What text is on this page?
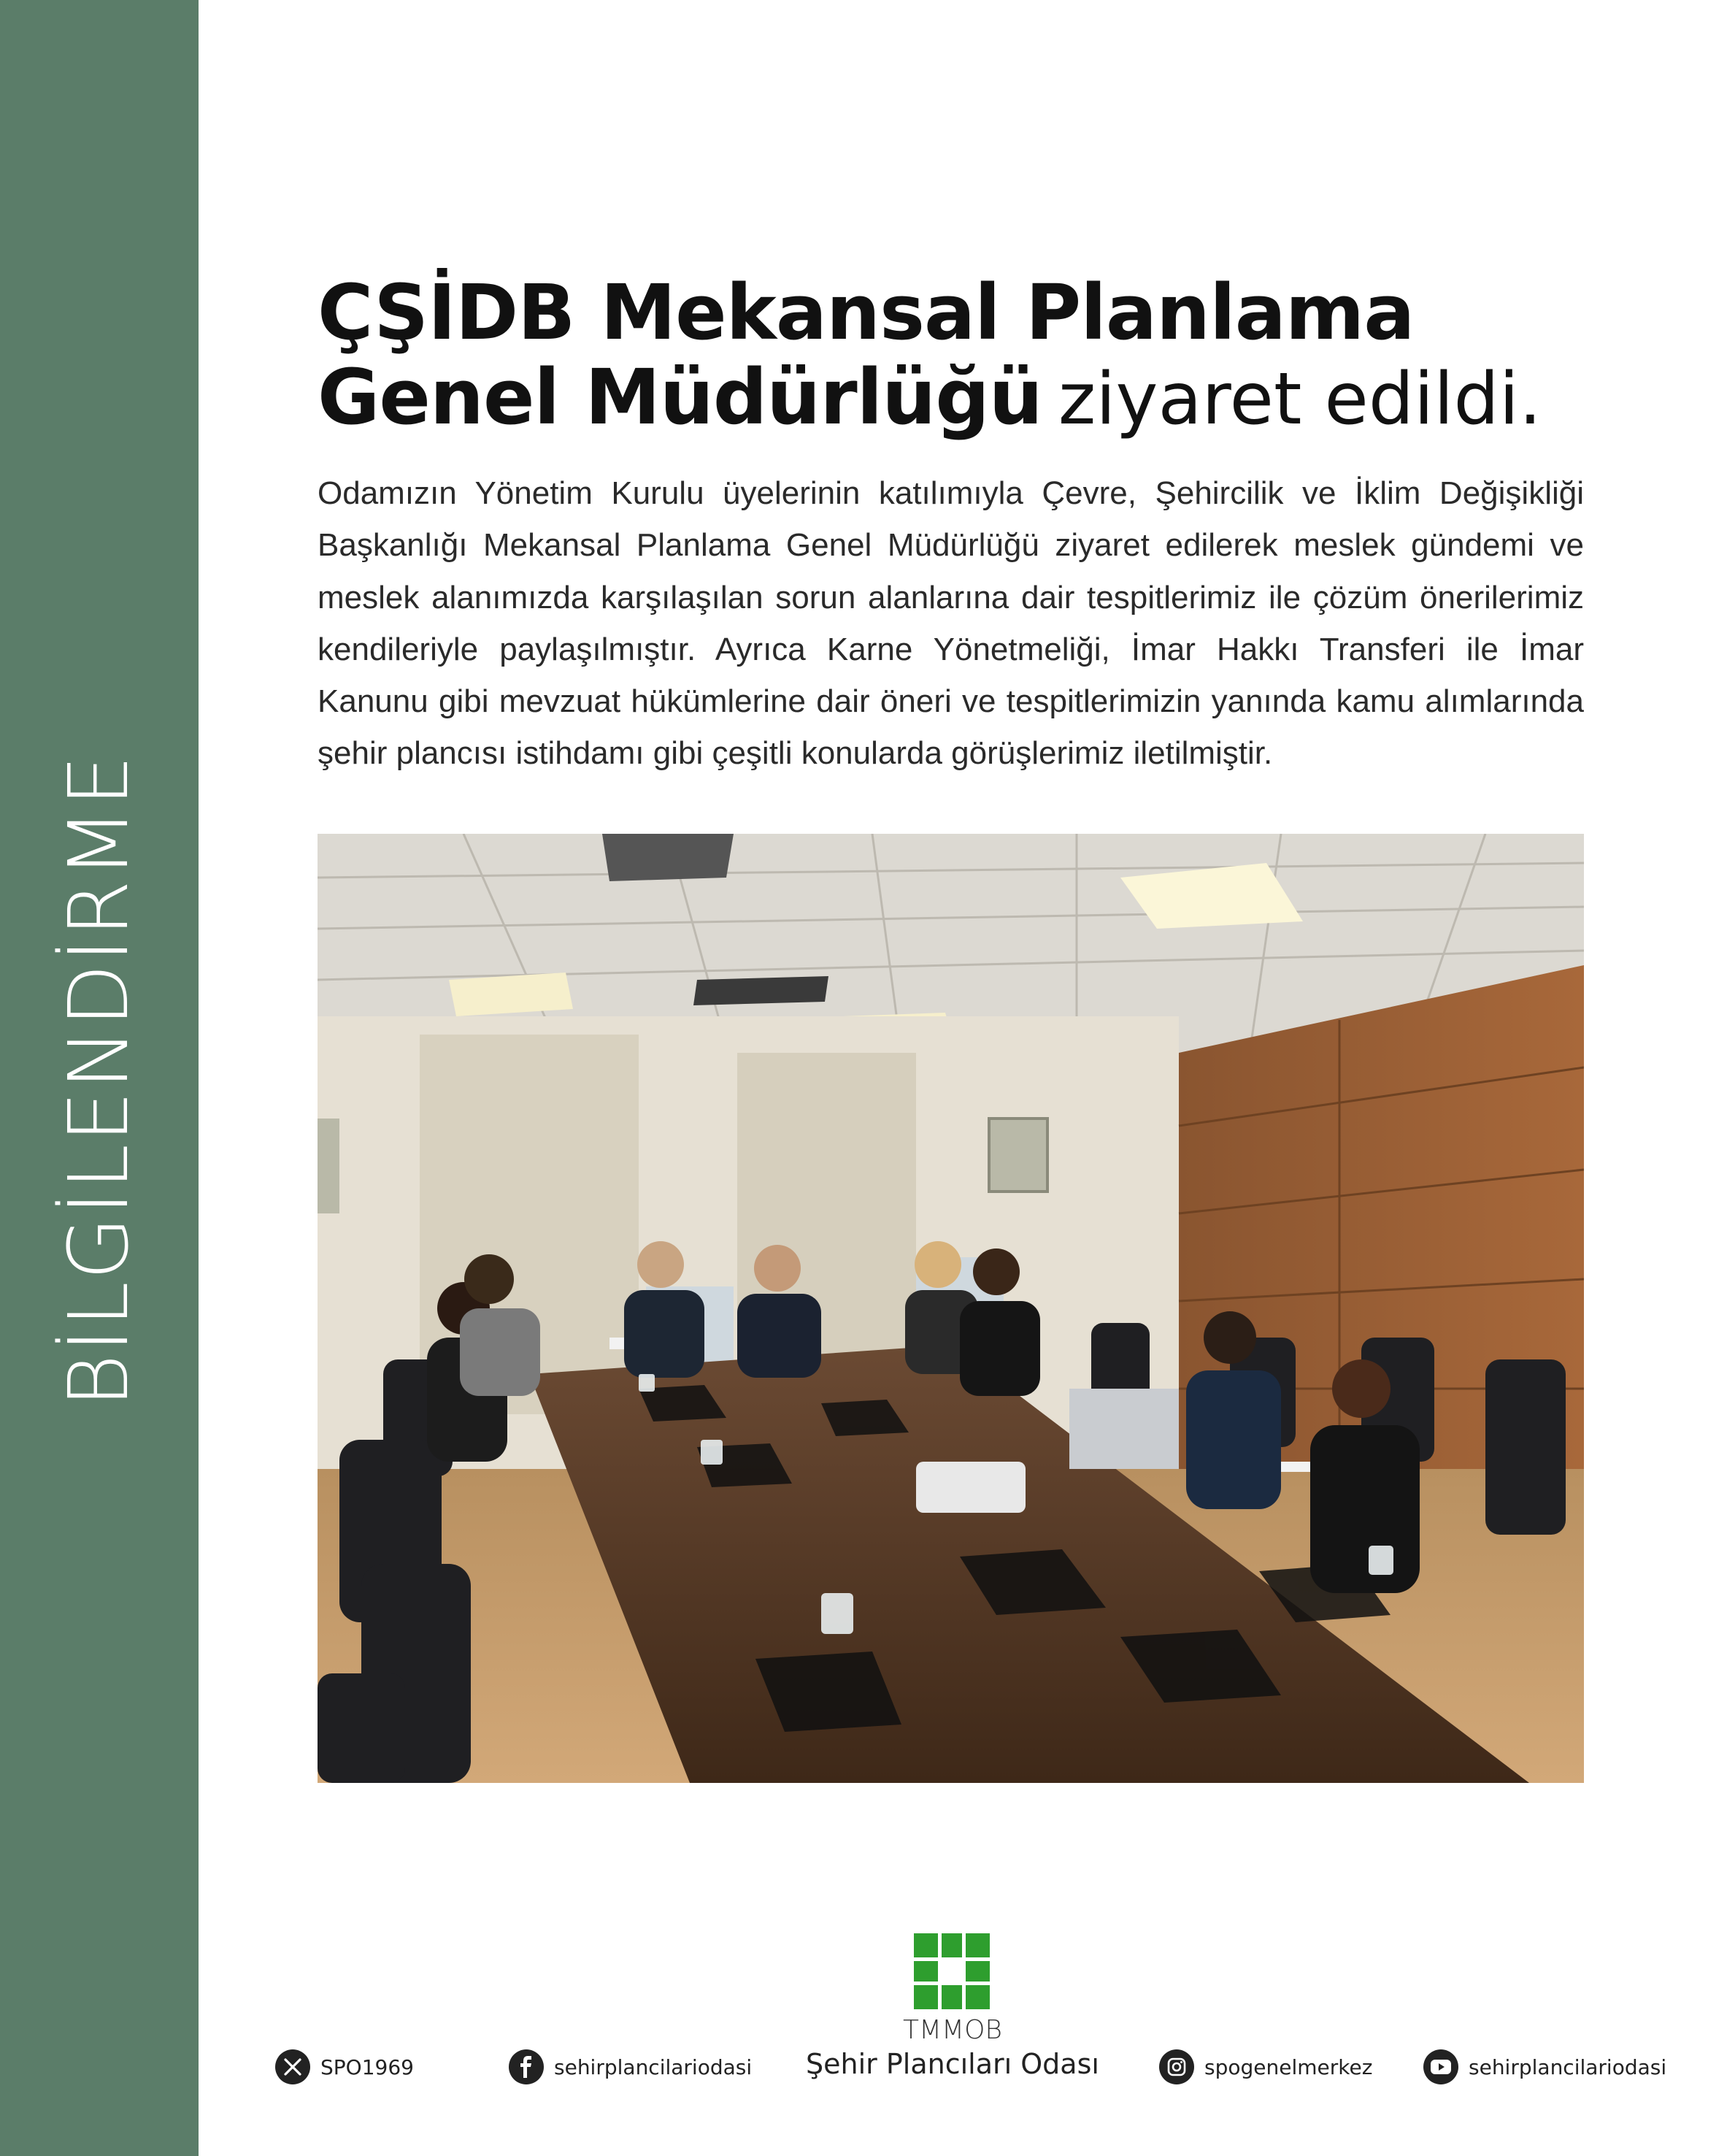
BİLGİLENDİRME
ÇŞİDB Mekansal Planlama
Genel Müdürlüğü ziyaret edildi.
Odamızın Yönetim Kurulu üyelerinin katılımıyla Çevre, Şehircilik ve İklim Değişikliği Başkanlığı Mekansal Planlama Genel Müdürlüğü ziyaret edilerek meslek gündemi ve meslek alanımızda karşılaşılan sorun alanlarına dair tespitlerimiz ile çözüm önerilerimiz kendileriyle paylaşılmıştır. Ayrıca Karne Yönetmeliği, İmar Hakkı Transferi ile İmar Kanunu gibi mevzuat hükümlerine dair öneri ve tespitlerimizin yanında kamu alımlarında şehir plancısı istihdamı gibi çeşitli konularda görüşlerimiz iletilmiştir.
TMMOB
Şehir Plancıları Odası
SPO1969	sehirplancilariodasi	spogenelmerkez	sehirplancilariodasi
